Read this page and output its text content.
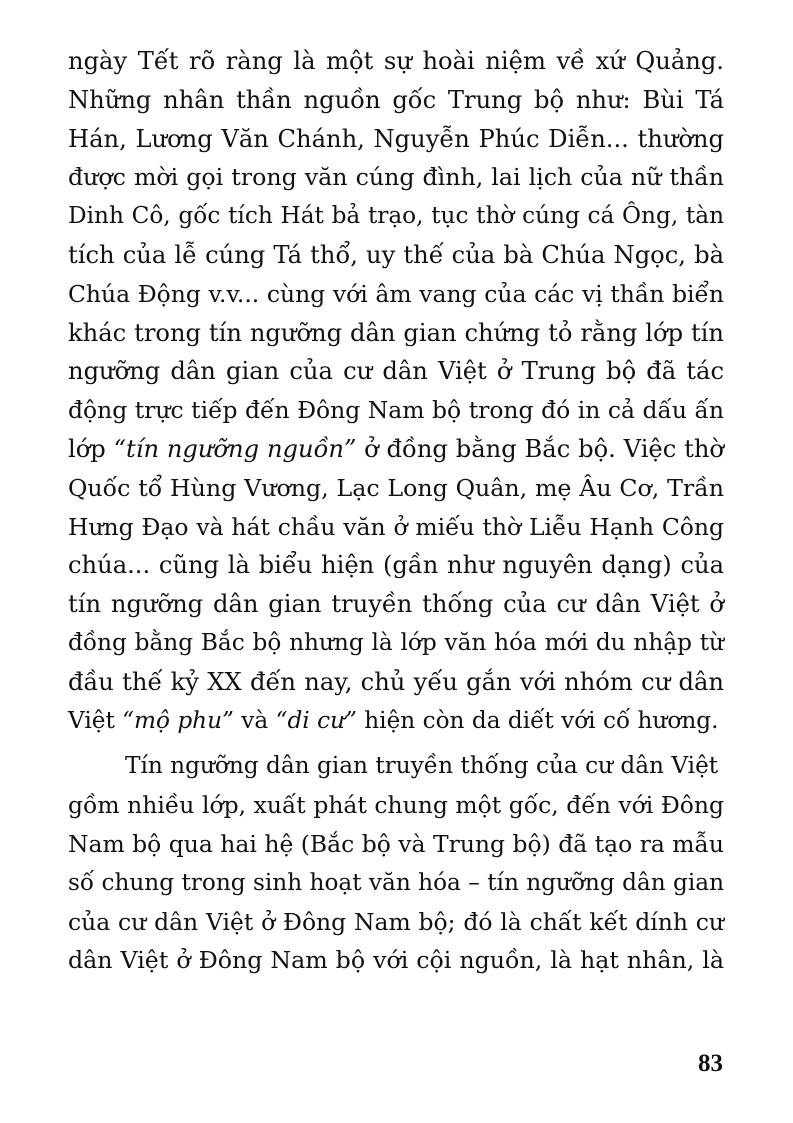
ngày Tết rõ ràng là một sự hoài niệm về xứ Quảng.
Những nhân thần nguồn gốc Trung bộ như: Bùi Tá
Hán, Lương Văn Chánh, Nguyễn Phúc Diễn... thường
được mời gọi trong văn cúng đình, lai lịch của nữ thần
Dinh Cô, gốc tích Hát bả trạo, tục thờ cúng cá Ông, tàn
tích của lễ cúng Tá thổ, uy thế của bà Chúa Ngọc, bà
Chúa Động v.v... cùng với âm vang của các vị thần biển
khác trong tín ngưỡng dân gian chứng tỏ rằng lớp tín
ngưỡng dân gian của cư dân Việt ở Trung bộ đã tác
động trực tiếp đến Đông Nam bộ trong đó in cả dấu ấn
lớp “tín ngưỡng nguồn” ở đồng bằng Bắc bộ. Việc thờ
Quốc tổ Hùng Vương, Lạc Long Quân, mẹ Âu Cơ, Trần
Hưng Đạo và hát chầu văn ở miếu thờ Liễu Hạnh Công
chúa... cũng là biểu hiện (gần như nguyên dạng) của
tín ngưỡng dân gian truyền thống của cư dân Việt ở
đồng bằng Bắc bộ nhưng là lớp văn hóa mới du nhập từ
đầu thế kỷ XX đến nay, chủ yếu gắn với nhóm cư dân
Việt “mộ phu” và “di cư” hiện còn da diết với cố hương.

Tín ngưỡng dân gian truyền thống của cư dân Việt
gồm nhiều lớp, xuất phát chung một gốc, đến với Đông
Nam bộ qua hai hệ (Bắc bộ và Trung bộ) đã tạo ra mẫu
số chung trong sinh hoạt văn hóa – tín ngưỡng dân gian
của cư dân Việt ở Đông Nam bộ; đó là chất kết dính cư
dân Việt ở Đông Nam bộ với cội nguồn, là hạt nhân, là

83
